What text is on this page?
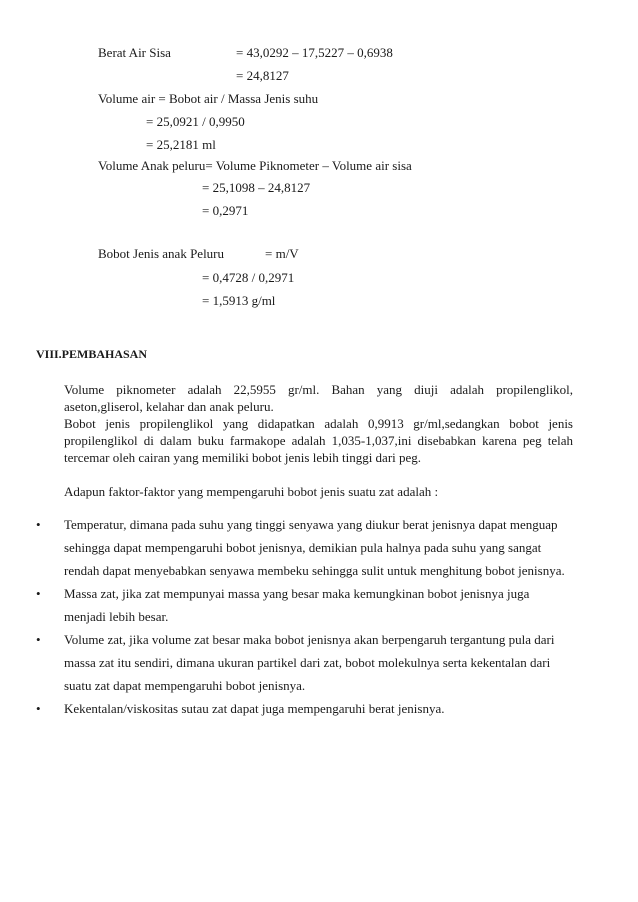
Berat Air Sisa	= 43,0292 – 17,5227 – 0,6938
= 24,8127
Volume air = Bobot air / Massa Jenis suhu
= 25,0921 / 0,9950
= 25,2181 ml
Volume Anak peluru= Volume Piknometer – Volume air sisa
= 25,1098 – 24,8127
= 0,2971
Bobot Jenis anak Peluru	= m/V
= 0,4728 / 0,2971
= 1,5913 g/ml
VIII.PEMBAHASAN
Volume piknometer adalah 22,5955 gr/ml. Bahan yang diuji adalah propilenglikol,
aseton,gliserol, kelahar dan anak peluru.
Bobot jenis propilenglikol yang didapatkan adalah 0,9913 gr/ml,sedangkan bobot jenis
propilenglikol di dalam buku farmakope adalah 1,035-1,037,ini disebabkan karena peg telah
tercemar oleh cairan yang memiliki bobot jenis lebih tinggi dari peg.
Adapun faktor-faktor yang mempengaruhi bobot jenis suatu zat adalah :
• Temperatur, dimana pada suhu yang tinggi senyawa yang diukur berat jenisnya dapat menguap
sehingga dapat mempengaruhi bobot jenisnya, demikian pula halnya pada suhu yang sangat
rendah dapat menyebabkan senyawa membeku sehingga sulit untuk menghitung bobot jenisnya.
• Massa zat, jika zat mempunyai massa yang besar maka kemungkinan bobot jenisnya juga
menjadi lebih besar.
• Volume zat, jika volume zat besar maka bobot jenisnya akan berpengaruh tergantung pula dari
massa zat itu sendiri, dimana ukuran partikel dari zat, bobot molekulnya serta kekentalan dari
suatu zat dapat mempengaruhi bobot jenisnya.
• Kekentalan/viskositas sutau zat dapat juga mempengaruhi berat jenisnya.
